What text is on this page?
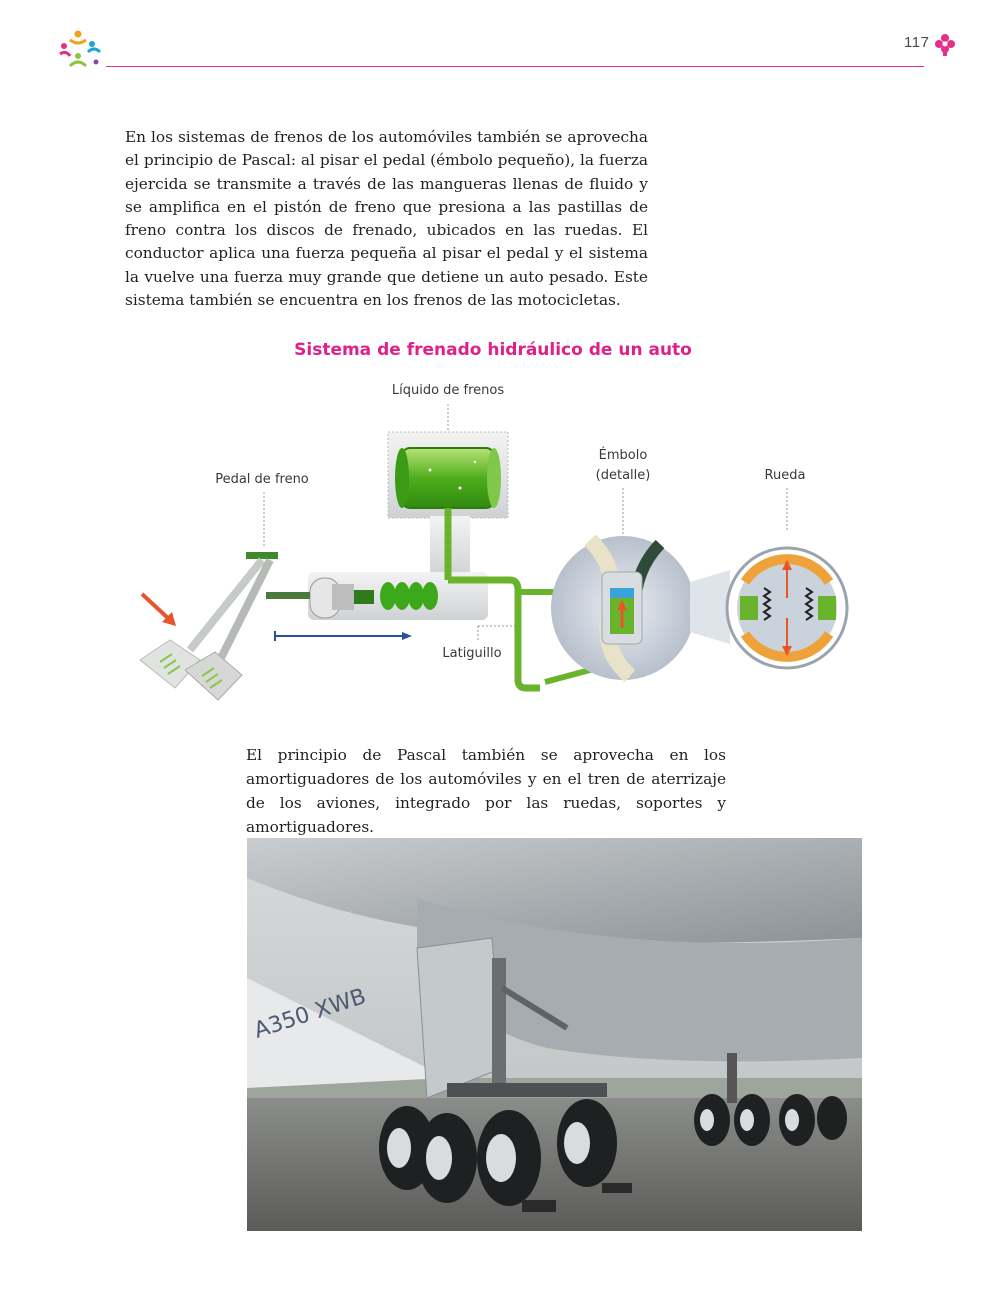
117

En los sistemas de frenos de los automóviles también se aprovecha el principio de Pascal: al pisar el pedal (émbolo pequeño), la fuerza ejercida se transmite a través de las mangueras llenas de fluido y se amplifica en el pistón de freno que presiona a las pastillas de freno contra los discos de frenado, ubicados en las ruedas. El conductor aplica una fuerza pequeña al pisar el pedal y el sistema la vuelve una fuerza muy grande que detiene un auto pesado. Este sistema también se encuentra en los frenos de las motocicletas.

Sistema de frenado hidráulico de un auto
Líquido de frenos
Pedal de freno
Émbolo
(detalle)	Rueda
Latiguillo

El principio de Pascal también se aprovecha en los amortiguadores de los automóviles y en el tren de aterrizaje de los aviones, integrado por las ruedas, soportes y amortiguadores.

A350 XWB
